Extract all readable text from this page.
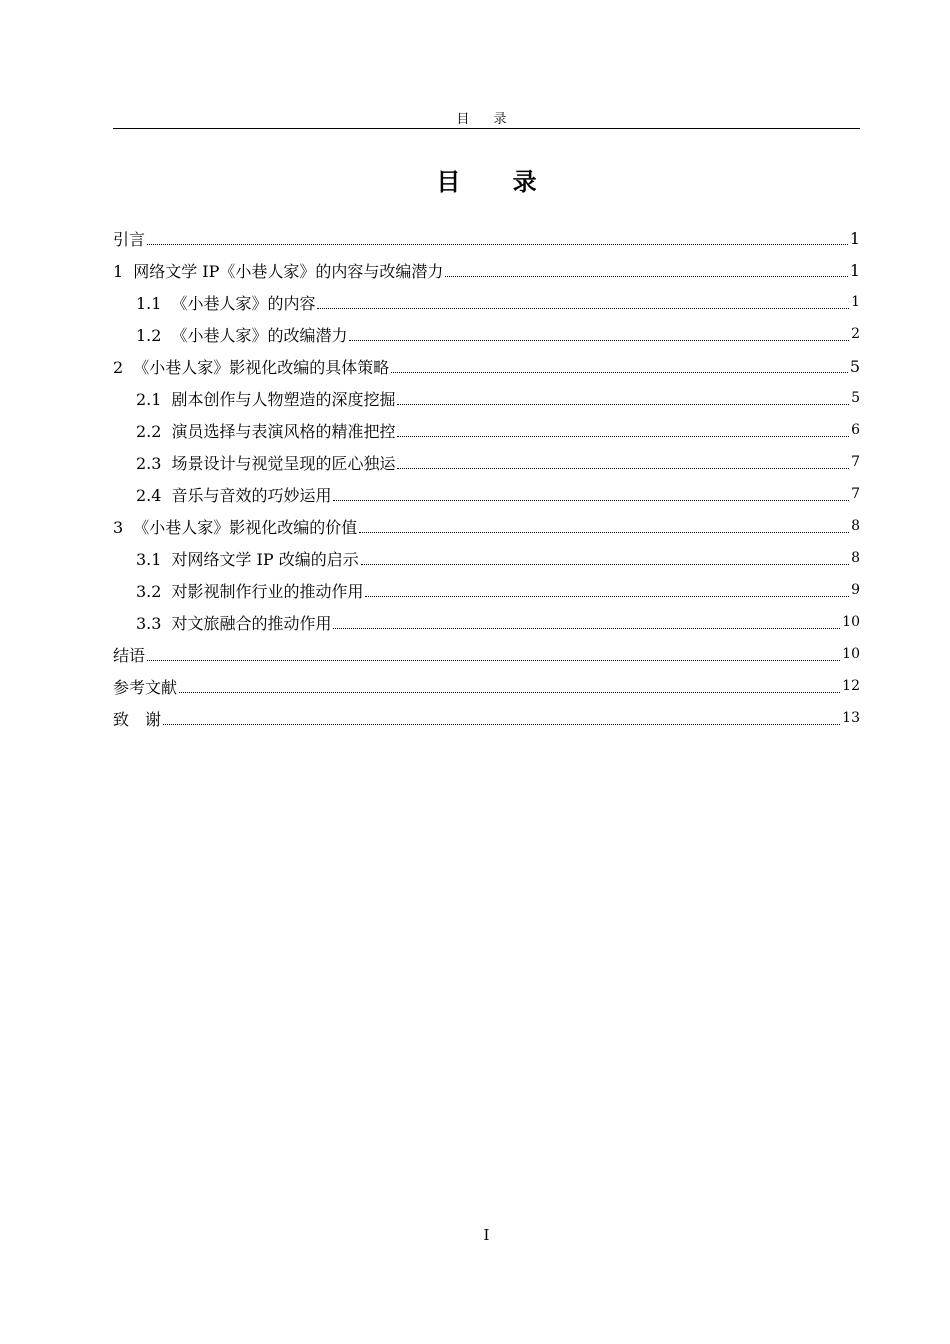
目 录
目 录
引言	1
1 网络文学 IP《小巷人家》的内容与改编潜力	1
1.1 《小巷人家》的内容	1
1.2 《小巷人家》的改编潜力	2
2 《小巷人家》影视化改编的具体策略	5
2.1 剧本创作与人物塑造的深度挖掘	5
2.2 演员选择与表演风格的精准把控	6
2.3 场景设计与视觉呈现的匠心独运	7
2.4 音乐与音效的巧妙运用	7
3 《小巷人家》影视化改编的价值	8
3.1 对网络文学 IP 改编的启示	8
3.2 对影视制作行业的推动作用	9
3.3 对文旅融合的推动作用	10
结语	10
参考文献	12
致　谢	13
I
